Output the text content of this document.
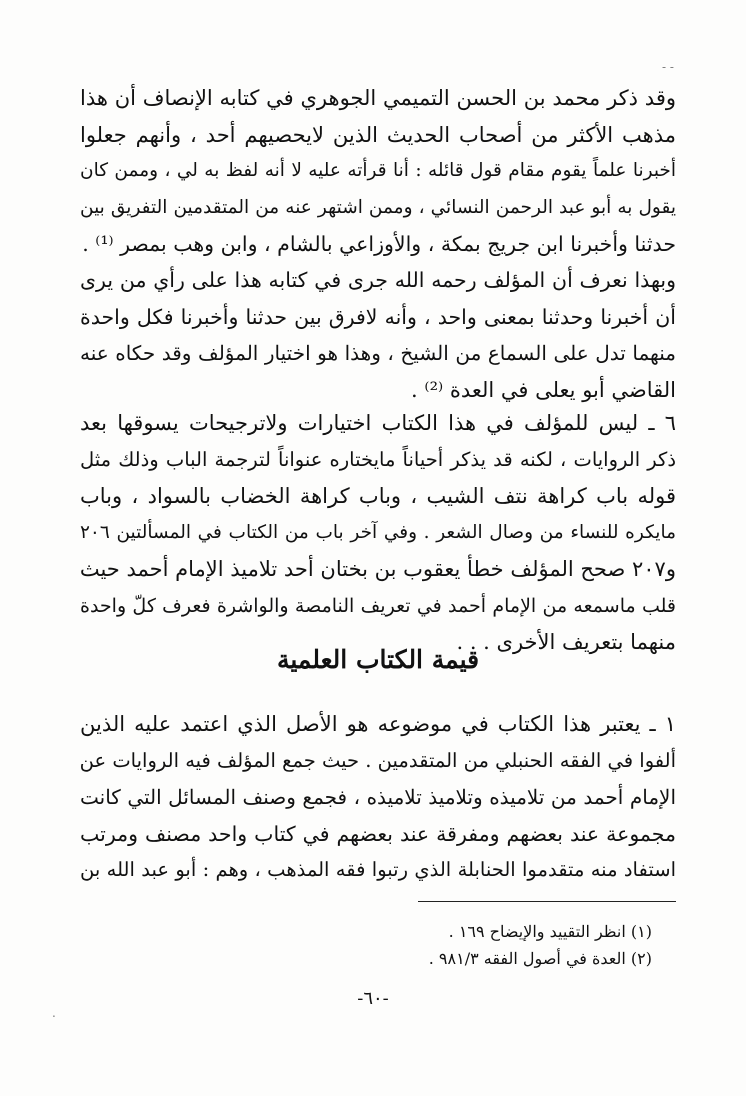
- -
وقد ذكر محمد بن الحسن التميمي الجوهري في كتابه الإنصاف أن هذا
مذهب الأكثر من أصحاب الحديث الذين لايحصيهم أحد ، وأنهم جعلوا
أخبرنا علماً يقوم مقام قول قائله : أنا قرأته عليه لا أنه لفظ به لي ، وممن كان
يقول به أبو عبد الرحمن النسائي ، وممن اشتهر عنه من المتقدمين التفريق بين
حدثنا وأخبرنا ابن جريج بمكة ، والأوزاعي بالشام ، وابن وهب بمصر ⁽¹⁾ .
وبهذا نعرف أن المؤلف رحمه الله جرى في كتابه هذا على رأي من يرى
أن أخبرنا وحدثنا بمعنى واحد ، وأنه لافرق بين حدثنا وأخبرنا فكل واحدة
منهما تدل على السماع من الشيخ ، وهذا هو اختيار المؤلف وقد حكاه عنه
القاضي أبو يعلى في العدة ⁽²⁾ .
٦ ـ ليس للمؤلف في هذا الكتاب اختيارات ولاترجيحات يسوقها بعد
ذكر الروايات ، لكنه قد يذكر أحياناً مايختاره عنواناً لترجمة الباب وذلك مثل
قوله باب كراهة نتف الشيب ، وباب كراهة الخضاب بالسواد ، وباب
مايكره للنساء من وصال الشعر . وفي آخر باب من الكتاب في المسألتين ٢٠٦
و٢٠٧ صحح المؤلف خطأ يعقوب بن بختان أحد تلاميذ الإمام أحمد حيث
قلب ماسمعه من الإمام أحمد في تعريف النامصة والواشرة فعرف كلّ واحدة
منهما بتعريف الأخرى . . .
قيمة الكتاب العلمية
١ ـ يعتبر هذا الكتاب في موضوعه هو الأصل الذي اعتمد عليه الذين
ألفوا في الفقه الحنبلي من المتقدمين . حيث جمع المؤلف فيه الروايات عن
الإمام أحمد من تلاميذه وتلاميذ تلاميذه ، فجمع وصنف المسائل التي كانت
مجموعة عند بعضهم ومفرقة عند بعضهم في كتاب واحد مصنف ومرتب
استفاد منه متقدموا الحنابلة الذي رتبوا فقه المذهب ، وهم : أبو عبد الله بن
(١) انظر التقييد والإيضاح ١٦٩ .
(٢) العدة في أصول الفقه ٩٨١/٣ .
-٦٠-
.
